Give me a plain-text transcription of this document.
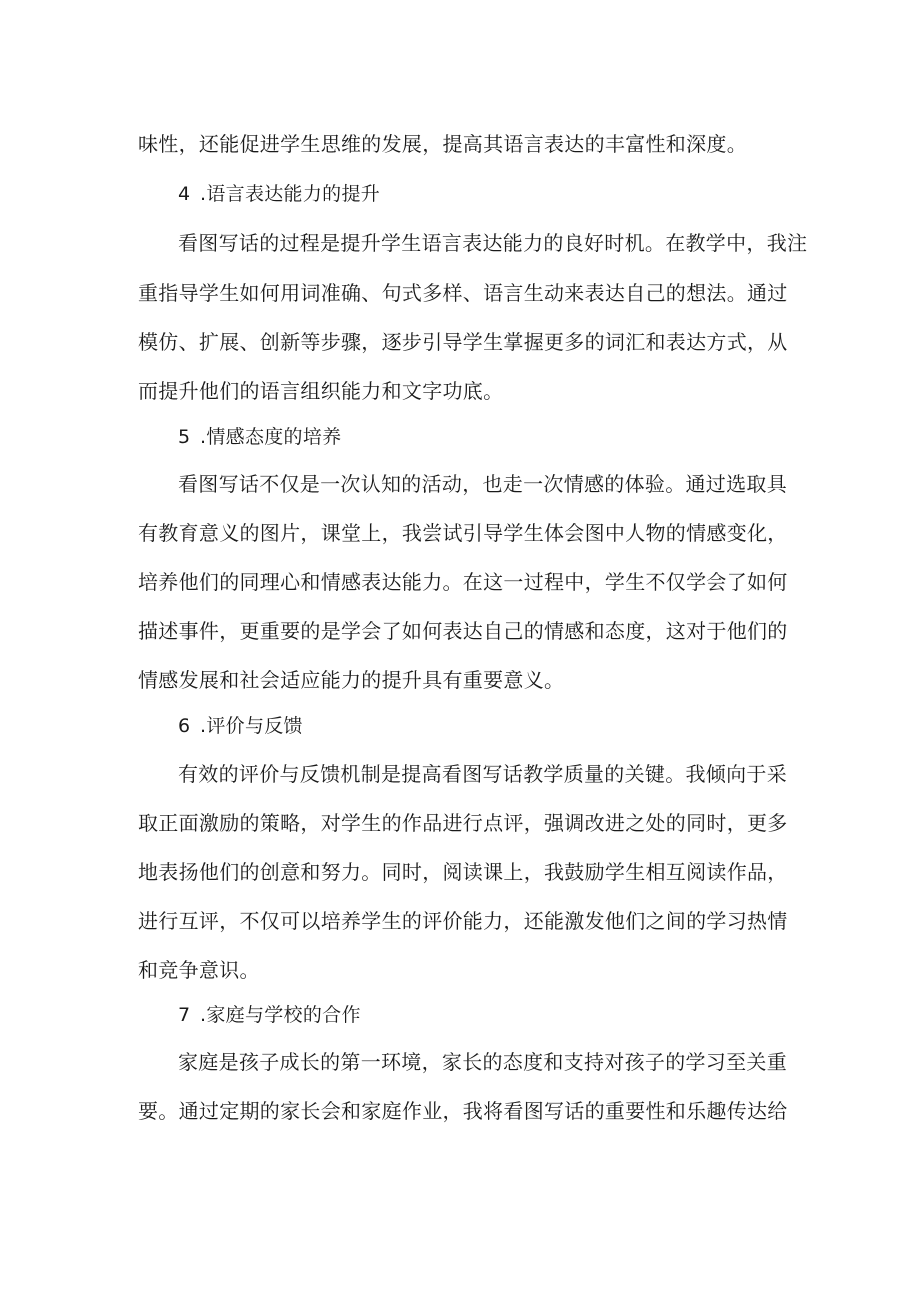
味性，还能促进学生思维的发展，提高其语言表达的丰富性和深度。
4 .语言表达能力的提升
看图写话的过程是提升学生语言表达能力的良好时机。在教学中，我注
重指导学生如何用词准确、句式多样、语言生动来表达自己的想法。通过
模仿、扩展、创新等步骤，逐步引导学生掌握更多的词汇和表达方式，从
而提升他们的语言组织能力和文字功底。
5 .情感态度的培养
看图写话不仅是一次认知的活动，也走一次情感的体验。通过选取具
有教育意义的图片，课堂上，我尝试引导学生体会图中人物的情感变化，
培养他们的同理心和情感表达能力。在这一过程中，学生不仅学会了如何
描述事件，更重要的是学会了如何表达自己的情感和态度，这对于他们的
情感发展和社会适应能力的提升具有重要意义。
6 .评价与反馈
有效的评价与反馈机制是提高看图写话教学质量的关键。我倾向于采
取正面激励的策略，对学生的作品进行点评，强调改进之处的同时，更多
地表扬他们的创意和努力。同时，阅读课上，我鼓励学生相互阅读作品，
进行互评，不仅可以培养学生的评价能力，还能激发他们之间的学习热情
和竞争意识。
7 .家庭与学校的合作
家庭是孩子成长的第一环境，家长的态度和支持对孩子的学习至关重
要。通过定期的家长会和家庭作业，我将看图写话的重要性和乐趣传达给
